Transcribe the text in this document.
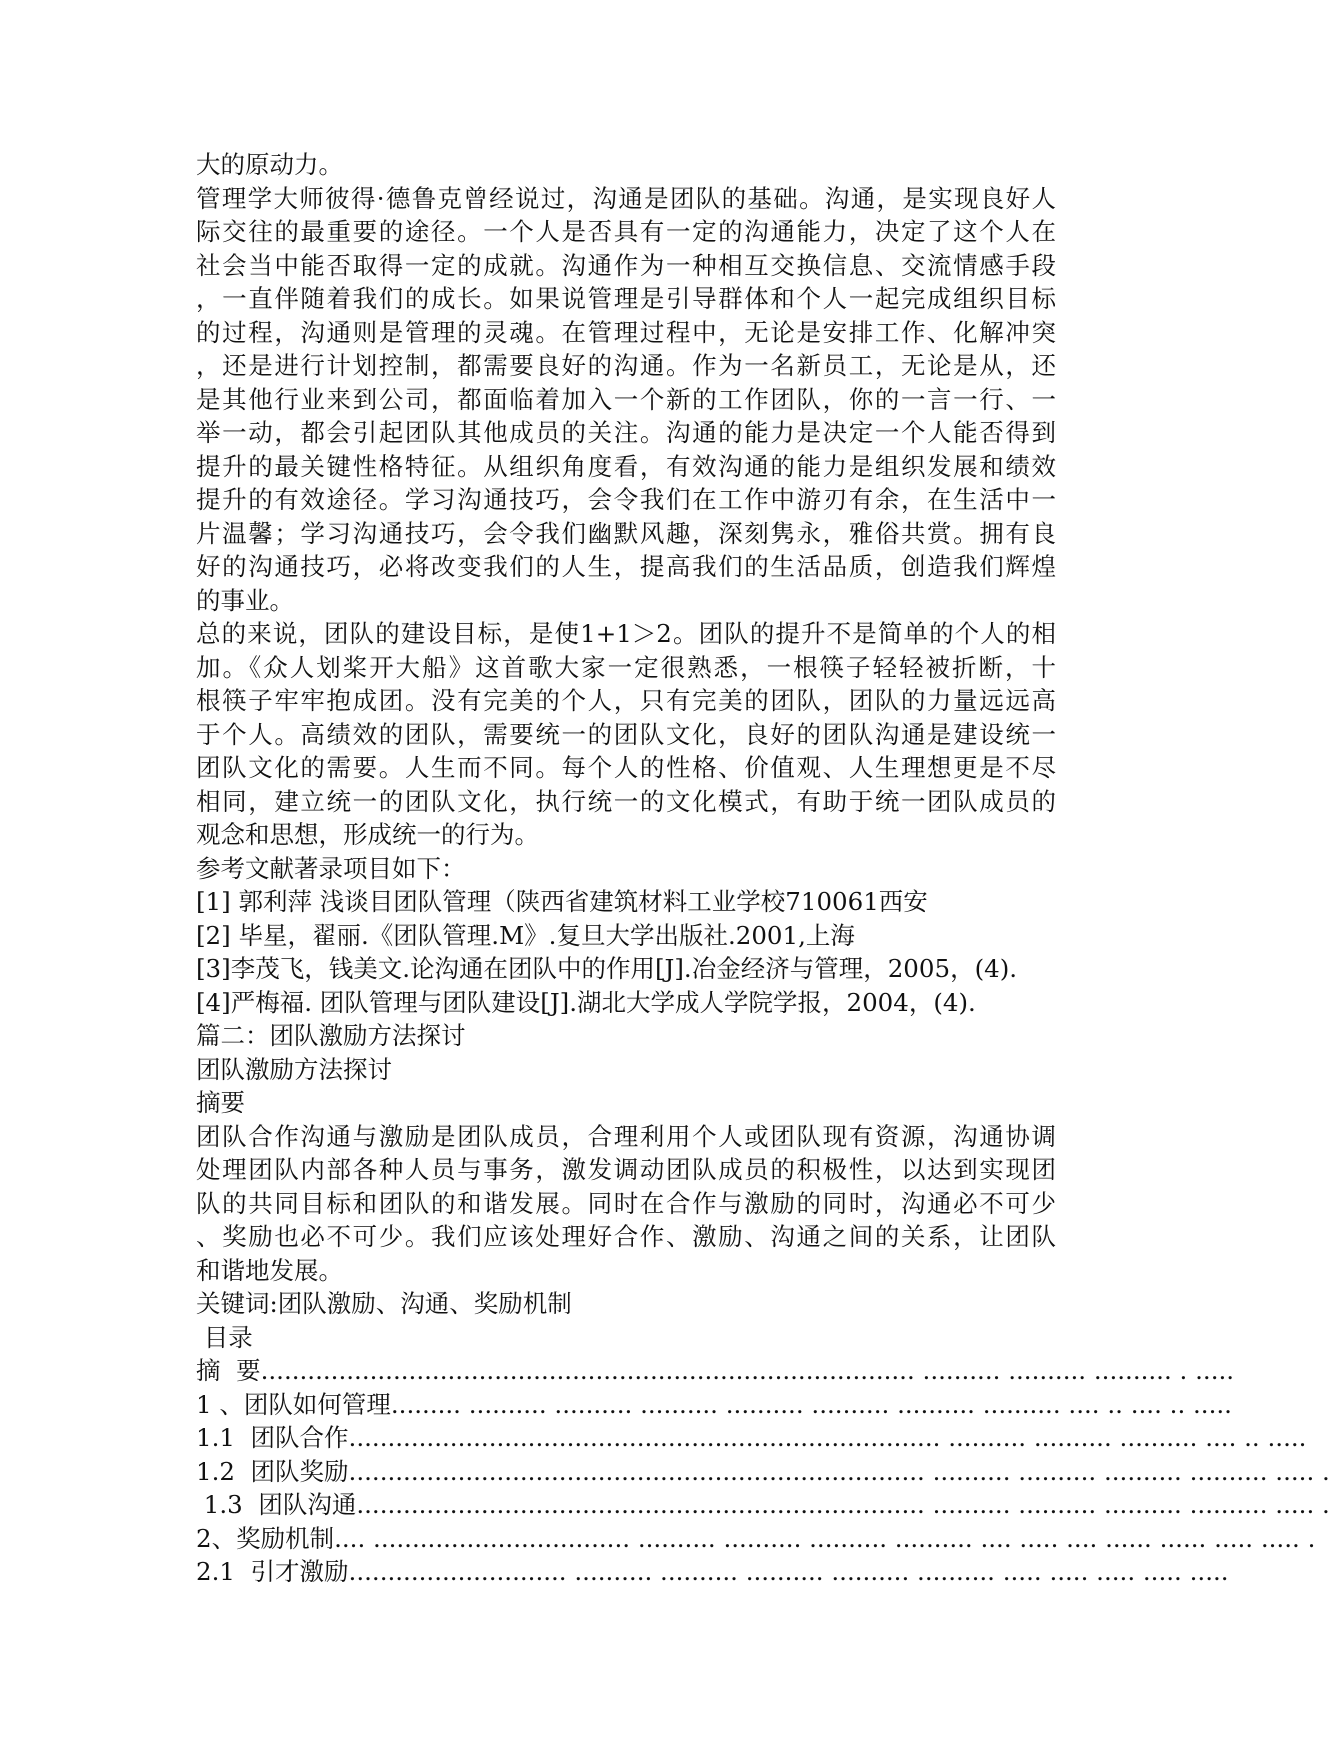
大的原动力。
管理学大师彼得·德鲁克曾经说过，沟通是团队的基础。沟通，是实现良好人
际交往的最重要的途径。一个人是否具有一定的沟通能力，决定了这个人在
社会当中能否取得一定的成就。沟通作为一种相互交换信息、交流情感手段
，一直伴随着我们的成长。如果说管理是引导群体和个人一起完成组织目标
的过程，沟通则是管理的灵魂。在管理过程中，无论是安排工作、化解冲突
，还是进行计划控制，都需要良好的沟通。作为一名新员工，无论是从，还
是其他行业来到公司，都面临着加入一个新的工作团队，你的一言一行、一
举一动，都会引起团队其他成员的关注。沟通的能力是决定一个人能否得到
提升的最关键性格特征。从组织角度看，有效沟通的能力是组织发展和绩效
提升的有效途径。学习沟通技巧，会令我们在工作中游刃有余，在生活中一
片温馨；学习沟通技巧，会令我们幽默风趣，深刻隽永，雅俗共赏。拥有良
好的沟通技巧，必将改变我们的人生，提高我们的生活品质，创造我们辉煌
的事业。
总的来说，团队的建设目标，是使1+1＞2。团队的提升不是简单的个人的相
加。《众人划桨开大船》这首歌大家一定很熟悉，一根筷子轻轻被折断，十
根筷子牢牢抱成团。没有完美的个人，只有完美的团队，团队的力量远远高
于个人。高绩效的团队，需要统一的团队文化，良好的团队沟通是建设统一
团队文化的需要。人生而不同。每个人的性格、价值观、人生理想更是不尽
相同，建立统一的团队文化，执行统一的文化模式，有助于统一团队成员的
观念和思想，形成统一的行为。
参考文献著录项目如下：
[1] 郭利萍 浅谈目团队管理（陕西省建筑材料工业学校710061西安
[2] 毕星，翟丽.《团队管理.M》.复旦大学出版社.2001,上海
[3]李茂飞，钱美文.论沟通在团队中的作用[J].冶金经济与管理，2005，(4).
[4]严梅福. 团队管理与团队建设[J].湖北大学成人学院学报，2004，(4).
篇二：团队激励方法探讨
团队激励方法探讨
摘要
团队合作沟通与激励是团队成员，合理利用个人或团队现有资源，沟通协调
处理团队内部各种人员与事务，激发调动团队成员的积极性，以达到实现团
队的共同目标和团队的和谐发展。同时在合作与激励的同时，沟通必不可少
、奖励也必不可少。我们应该处理好合作、激励、沟通之间的关系，让团队
和谐地发展。
关键词:团队激励、沟通、奖励机制
目录
摘  要.................................................................................... .......... .......... .......... . .....
1 、团队如何管理......... .......... .......... .......... .......... .......... .......... .......... .... .. .... .. .....
1.1  团队合作............................................................................ .......... .......... .......... .... .. .....
1.2  团队奖励.......................................................................... .......... .......... .......... .......... ..... .
1.3  团队沟通......................................................................... .......... .......... .......... .......... ..... .
2、奖励机制.... ................................. .......... .......... .......... .......... .... ..... .... ...... ...... ..... ..... .
2.1  引才激励............................ .......... .......... .......... .......... .......... ..... ..... ..... ..... .....
